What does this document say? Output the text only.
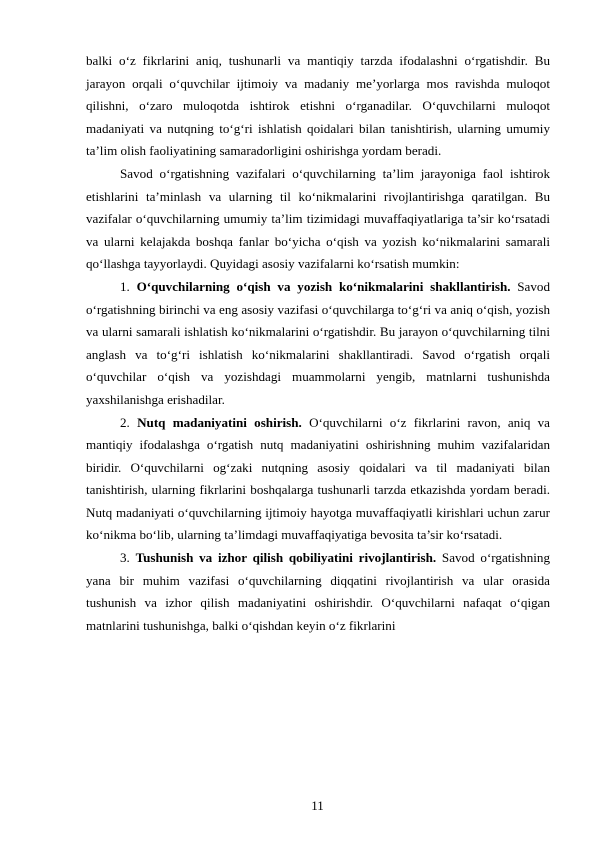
balki o‘z fikrlarini aniq, tushunarli va mantiqiy tarzda ifodalashni o‘rgatishdir. Bu jarayon orqali o‘quvchilar ijtimoiy va madaniy me’yorlarga mos ravishda muloqot qilishni, o‘zaro muloqotda ishtirok etishni o‘rganadilar. O‘quvchilarni muloqot madaniyati va nutqning to‘g‘ri ishlatish qoidalari bilan tanishtirish, ularning umumiy ta’lim olish faoliyatining samaradorligini oshirishga yordam beradi.

Savod o‘rgatishning vazifalari o‘quvchilarning ta’lim jarayoniga faol ishtirok etishlarini ta’minlash va ularning til ko‘nikmalarini rivojlantirishga qaratilgan. Bu vazifalar o‘quvchilarning umumiy ta’lim tizimidagi muvaffaqiyatlariga ta’sir ko‘rsatadi va ularni kelajakda boshqa fanlar bo‘yicha o‘qish va yozish ko‘nikmalarini samarali qo‘llashga tayyorlaydi. Quyidagi asosiy vazifalarni ko‘rsatish mumkin:

1. O‘quvchilarning o‘qish va yozish ko‘nikmalarini shakllantirish. Savod o‘rgatishning birinchi va eng asosiy vazifasi o‘quvchilarga to‘g‘ri va aniq o‘qish, yozish va ularni samarali ishlatish ko‘nikmalarini o‘rgatishdir. Bu jarayon o‘quvchilarning tilni anglash va to‘g‘ri ishlatish ko‘nikmalarini shakllantiradi. Savod o‘rgatish orqali o‘quvchilar o‘qish va yozishdagi muammolarni yengib, matnlarni tushunishda yaxshilanishga erishadilar.

2. Nutq madaniyatini oshirish. O‘quvchilarni o‘z fikrlarini ravon, aniq va mantiqiy ifodalashga o‘rgatish nutq madaniyatini oshirishning muhim vazifalaridan biridir. O‘quvchilarni og‘zaki nutqning asosiy qoidalari va til madaniyati bilan tanishtirish, ularning fikrlarini boshqalarga tushunarli tarzda etkazishda yordam beradi. Nutq madaniyati o‘quvchilarning ijtimoiy hayotga muvaffaqiyatli kirishlari uchun zarur ko‘nikma bo‘lib, ularning ta’limdagi muvaffaqiyatiga bevosita ta’sir ko‘rsatadi.

3. Tushunish va izhor qilish qobiliyatini rivojlantirish. Savod o‘rgatishning yana bir muhim vazifasi o‘quvchilarning diqqatini rivojlantirish va ular orasida tushunish va izhor qilish madaniyatini oshirishdir. O‘quvchilarni nafaqat o‘qigan matnlarini tushunishga, balki o‘qishdan keyin o‘z fikrlarini

11
